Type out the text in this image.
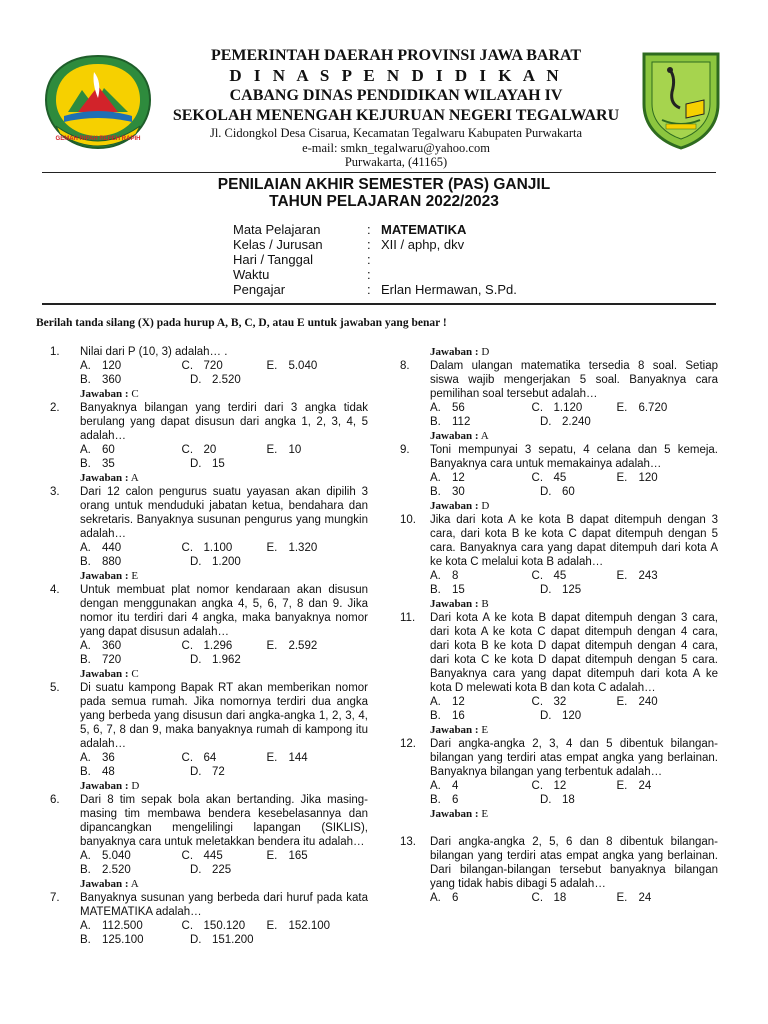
GEMAH RIPAH REPEH RAPIH
PEMERINTAH DAERAH PROVINSI JAWA BARAT
D I N A S P E N D I D I K A N
CABANG DINAS PENDIDIKAN WILAYAH IV
SEKOLAH MENENGAH KEJURUAN NEGERI TEGALWARU
Jl. Cidongkol Desa Cisarua, Kecamatan Tegalwaru Kabupaten Purwakarta
e-mail: smkn_tegalwaru@yahoo.com
Purwakarta, (41165)
PENILAIAN AKHIR SEMESTER (PAS) GANJIL
TAHUN PELAJARAN 2022/2023
Mata Pelajaran	: MATEMATIKA
Kelas / Jurusan	: XII / aphp, dkv
Hari / Tanggal	:
Waktu	:
Pengajar	: Erlan Hermawan, S.Pd.
Berilah tanda silang (X) pada hurup A, B, C, D, atau E untuk jawaban yang benar !
1. Nilai dari P (10, 3) adalah… .
A. 120	C. 720	E. 5.040
B. 360	D. 2.520
Jawaban : C
2. Banyaknya bilangan yang terdiri dari 3 angka tidak berulang yang dapat disusun dari angka 1, 2, 3, 4, 5 adalah…
A. 60	C. 20	E. 10
B. 35	D. 15
Jawaban : A
3. Dari 12 calon pengurus suatu yayasan akan dipilih 3 orang untuk menduduki jabatan ketua, bendahara dan sekretaris. Banyaknya susunan pengurus yang mungkin adalah…
A. 440	C. 1.100	E. 1.320
B. 880	D. 1.200
Jawaban : E
4. Untuk membuat plat nomor kendaraan akan disusun dengan menggunakan angka 4, 5, 6, 7, 8 dan 9. Jika nomor itu terdiri dari 4 angka, maka banyaknya nomor yang dapat disusun adalah…
A. 360	C. 1.296	E. 2.592
B. 720	D. 1.962
Jawaban : C
5. Di suatu kampong Bapak RT akan memberikan nomor pada semua rumah. Jika nomornya terdiri dua angka yang berbeda yang disusun dari angka-angka 1, 2, 3, 4, 5, 6, 7, 8 dan 9, maka banyaknya rumah di kampong itu adalah…
A. 36	C. 64	E. 144
B. 48	D. 72
Jawaban : D
6. Dari 8 tim sepak bola akan bertanding. Jika masing-masing tim membawa bendera kesebelasannya dan dipancangkan mengelilingi lapangan (SIKLIS), banyaknya cara untuk meletakkan bendera itu adalah…
A. 5.040	C. 445	E. 165
B. 2.520	D. 225
Jawaban : A
7. Banyaknya susunan yang berbeda dari huruf pada kata MATEMATIKA adalah…
A. 112.500	C. 150.120 E. 152.100
B. 125.100	D. 151.200
Jawaban : D
8. Dalam ulangan matematika tersedia 8 soal. Setiap siswa wajib mengerjakan 5 soal. Banyaknya cara pemilihan soal tersebut adalah…
A. 56	C. 1.120	E. 6.720
B. 112	D. 2.240
Jawaban : A
9. Toni mempunyai 3 sepatu, 4 celana dan 5 kemeja. Banyaknya cara untuk memakainya adalah…
A. 12	C. 45	E. 120
B. 30	D. 60
Jawaban : D
10. Jika dari kota A ke kota B dapat ditempuh dengan 3 cara, dari kota B ke kota C dapat ditempuh dengan 5 cara. Banyaknya cara yang dapat ditempuh dari kota A ke kota C melalui kota B adalah…
A. 8	C. 45	E. 243
B. 15	D. 125
Jawaban : B
11. Dari kota A ke kota B dapat ditempuh dengan 3 cara, dari kota A ke kota C dapat ditempuh dengan 4 cara, dari kota B ke kota D dapat ditempuh dengan 4 cara, dari kota C ke kota D dapat ditempuh dengan 5 cara. Banyaknya cara yang dapat ditempuh dari kota A ke kota D melewati kota B dan kota C adalah…
A. 12	C. 32	E. 240
B. 16	D. 120
Jawaban : E
12. Dari angka-angka 2, 3, 4 dan 5 dibentuk bilangan-bilangan yang terdiri atas empat angka yang berlainan. Banyaknya bilangan yang terbentuk adalah…
A. 4	C. 12	E. 24
B. 6	D. 18
Jawaban : E
13. Dari angka-angka 2, 5, 6 dan 8 dibentuk bilangan-bilangan yang terdiri atas empat angka yang berlainan. Dari bilangan-bilangan tersebut banyaknya bilangan yang tidak habis dibagi 5 adalah…
A. 6	C. 18	E. 24
